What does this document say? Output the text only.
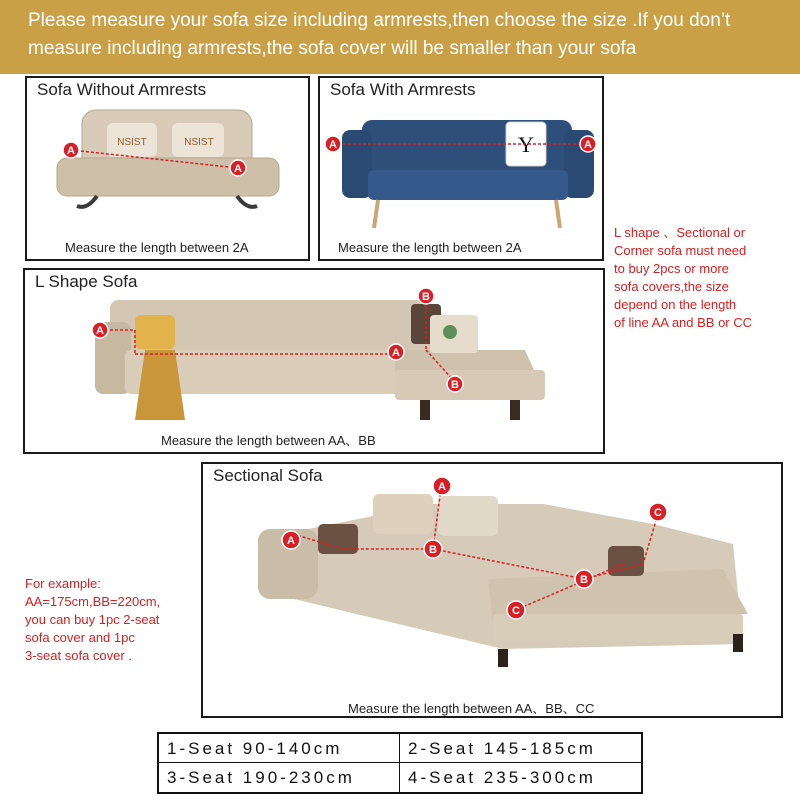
Please measure your sofa size including armrests,then choose the size .If you don’t
measure including armrests,the sofa cover will be smaller than your sofa
Sofa Without Armrests
NSIST	NSIST
A
A
Measure the length between 2A
Sofa With Armrests
Y
A	A
Measure the length between 2A
L shape 、Sectional or
Corner sofa must need
to buy 2pcs or more
sofa covers,the size
depend on the length
of line AA and BB or CC
L Shape Sofa
A
A
B
B
Measure the length between AA、BB
For example:
AA=175cm,BB=220cm,
you can buy 1pc 2-seat
sofa cover and 1pc
3-seat sofa cover .
Sectional Sofa
A
A
B
B
C
C
Measure the length between AA、BB、CC
1-Seat 90-140cm	2-Seat 145-185cm
3-Seat 190-230cm	4-Seat 235-300cm
